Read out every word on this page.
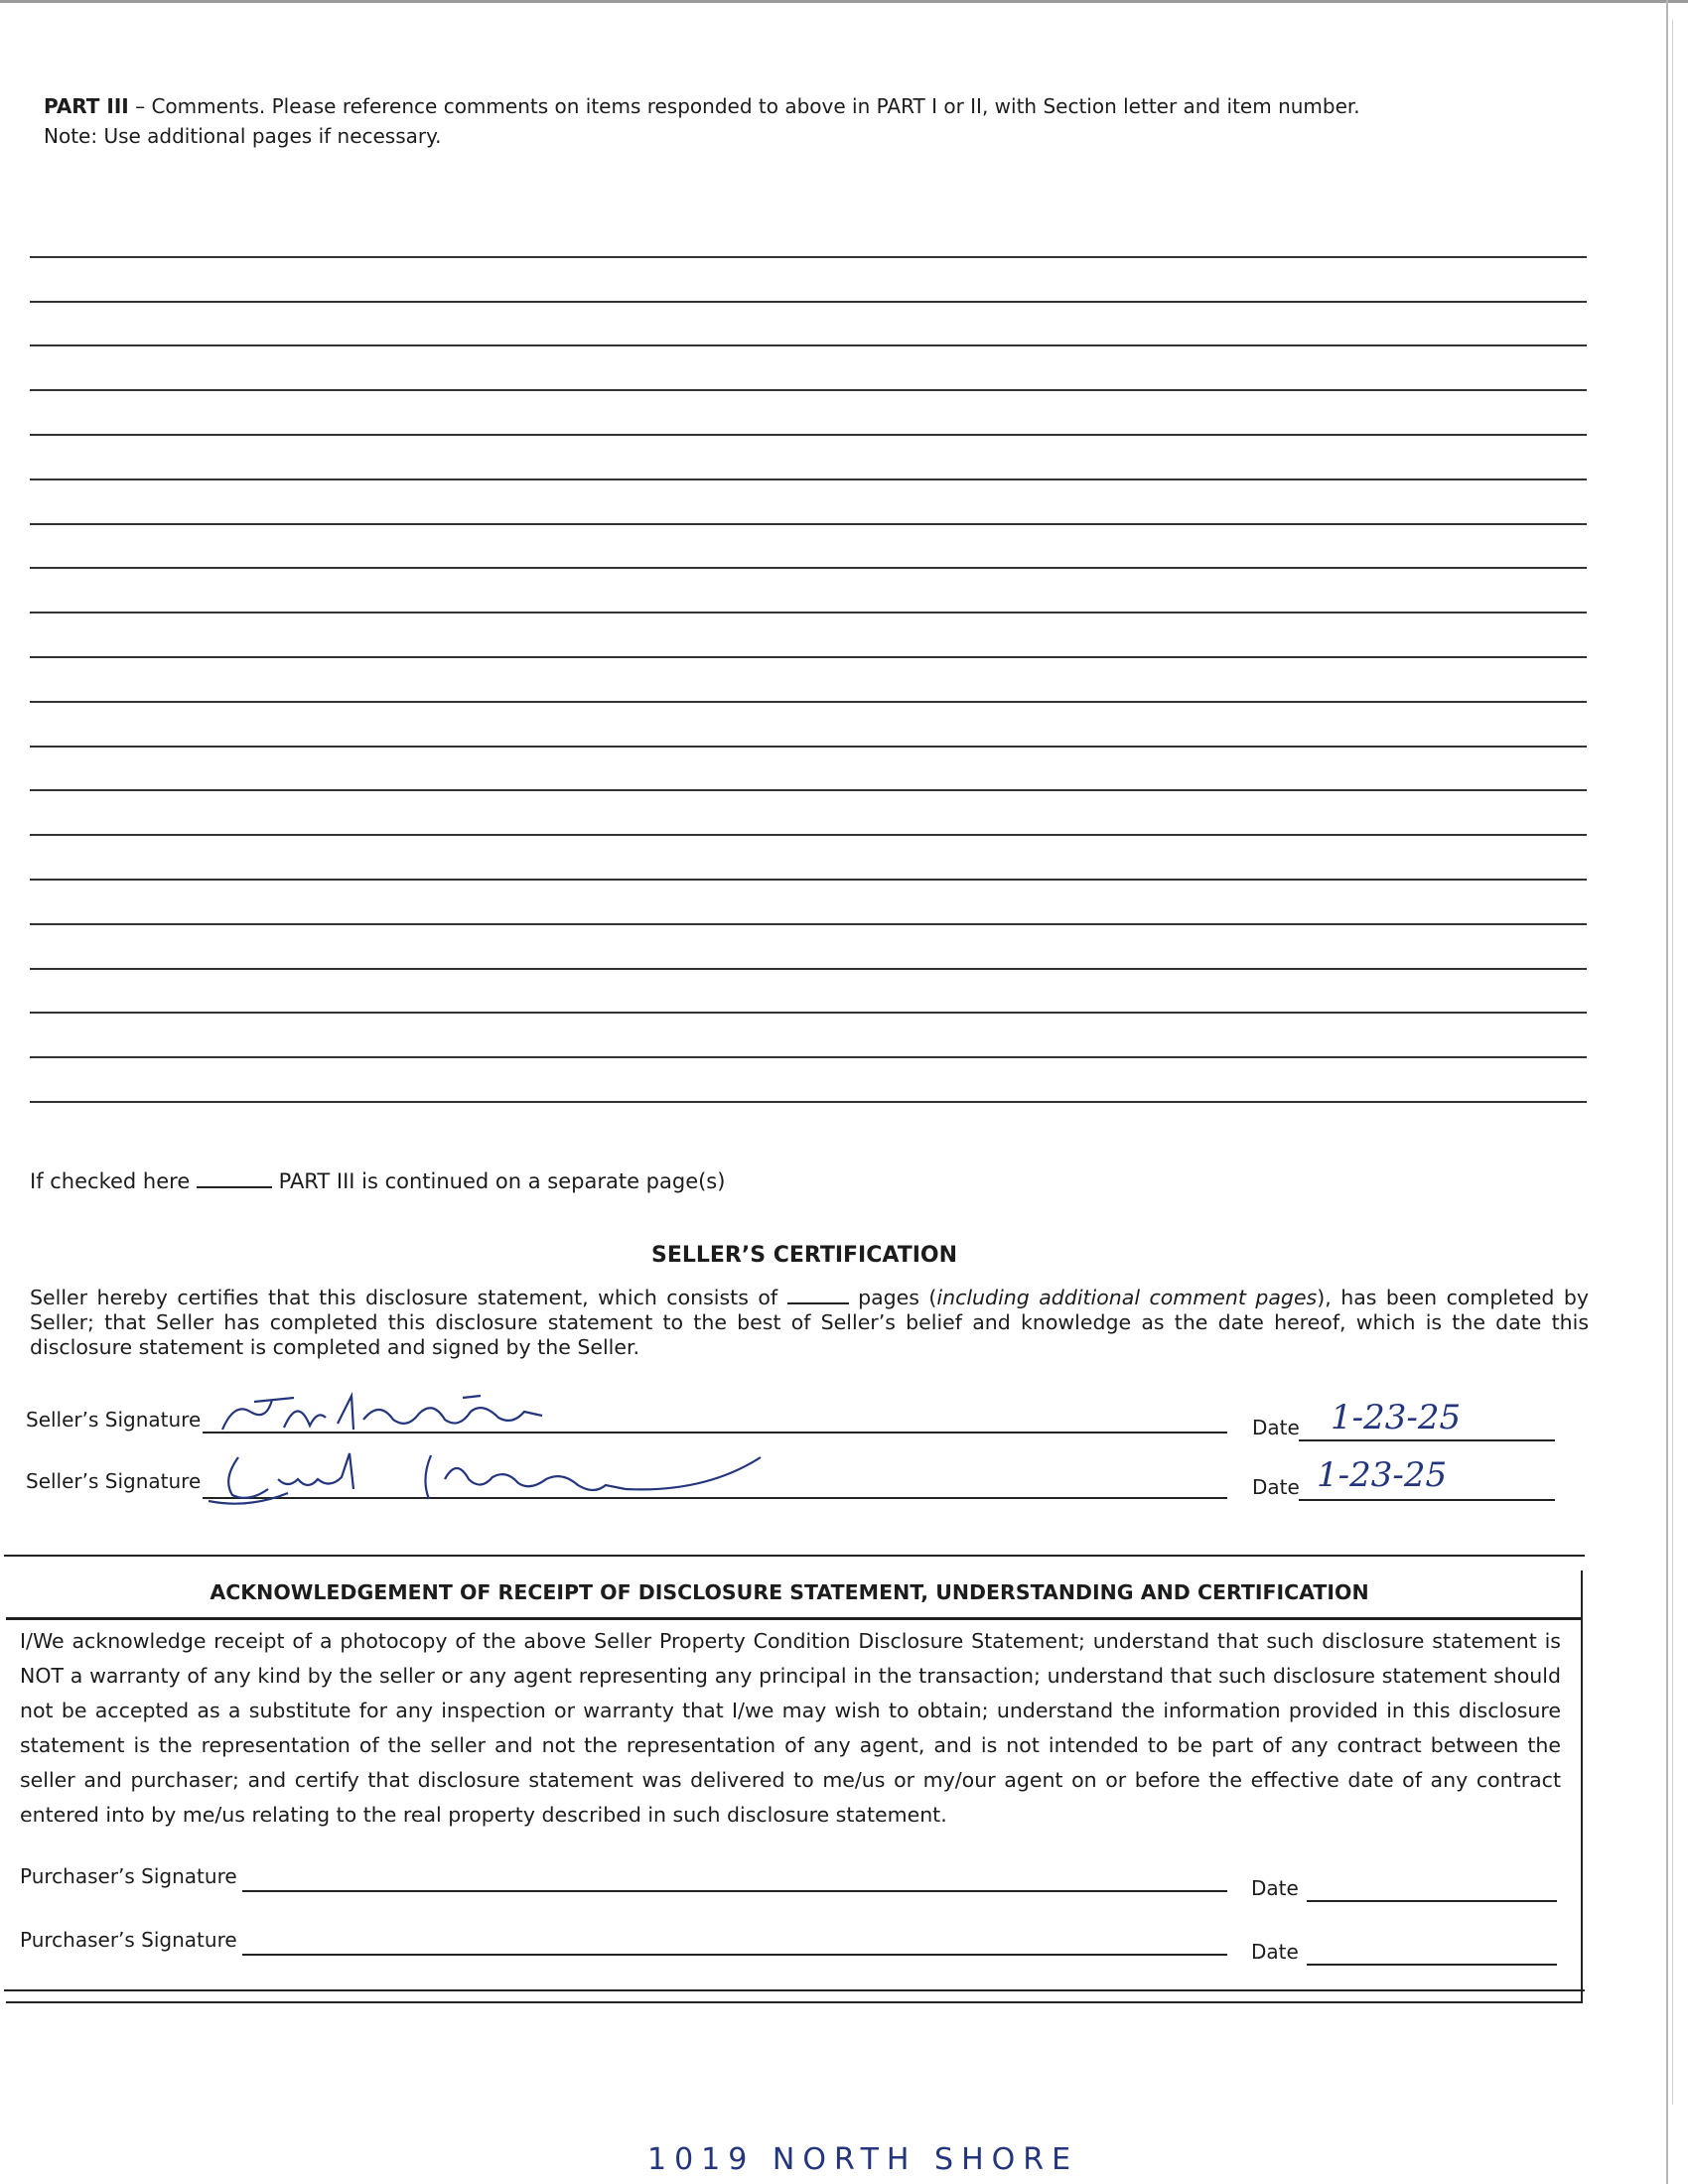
PART III – Comments. Please reference comments on items responded to above in PART I or II, with Section letter and item number.
Note: Use additional pages if necessary.
If checked here	PART III is continued on a separate page(s)
SELLER’S CERTIFICATION
Seller hereby certifies that this disclosure statement, which consists of	pages (including additional comment pages), has been completed by Seller; that Seller has completed this disclosure statement to the best of Seller’s belief and knowledge as the date hereof, which is the date this disclosure statement is completed and signed by the Seller.
Seller’s Signature	Date 1-23-25
Seller’s Signature	Date 1-23-25
ACKNOWLEDGEMENT OF RECEIPT OF DISCLOSURE STATEMENT, UNDERSTANDING AND CERTIFICATION
I/We acknowledge receipt of a photocopy of the above Seller Property Condition Disclosure Statement; understand that such disclosure statement is NOT a warranty of any kind by the seller or any agent representing any principal in the transaction; understand that such disclosure statement should not be accepted as a substitute for any inspection or warranty that I/we may wish to obtain; understand the information provided in this disclosure statement is the representation of the seller and not the representation of any agent, and is not intended to be part of any contract between the seller and purchaser; and certify that disclosure statement was delivered to me/us or my/our agent on or before the effective date of any contract entered into by me/us relating to the real property described in such disclosure statement.
Purchaser’s Signature	Date
Purchaser’s Signature	Date
1019 NORTH SHORE
